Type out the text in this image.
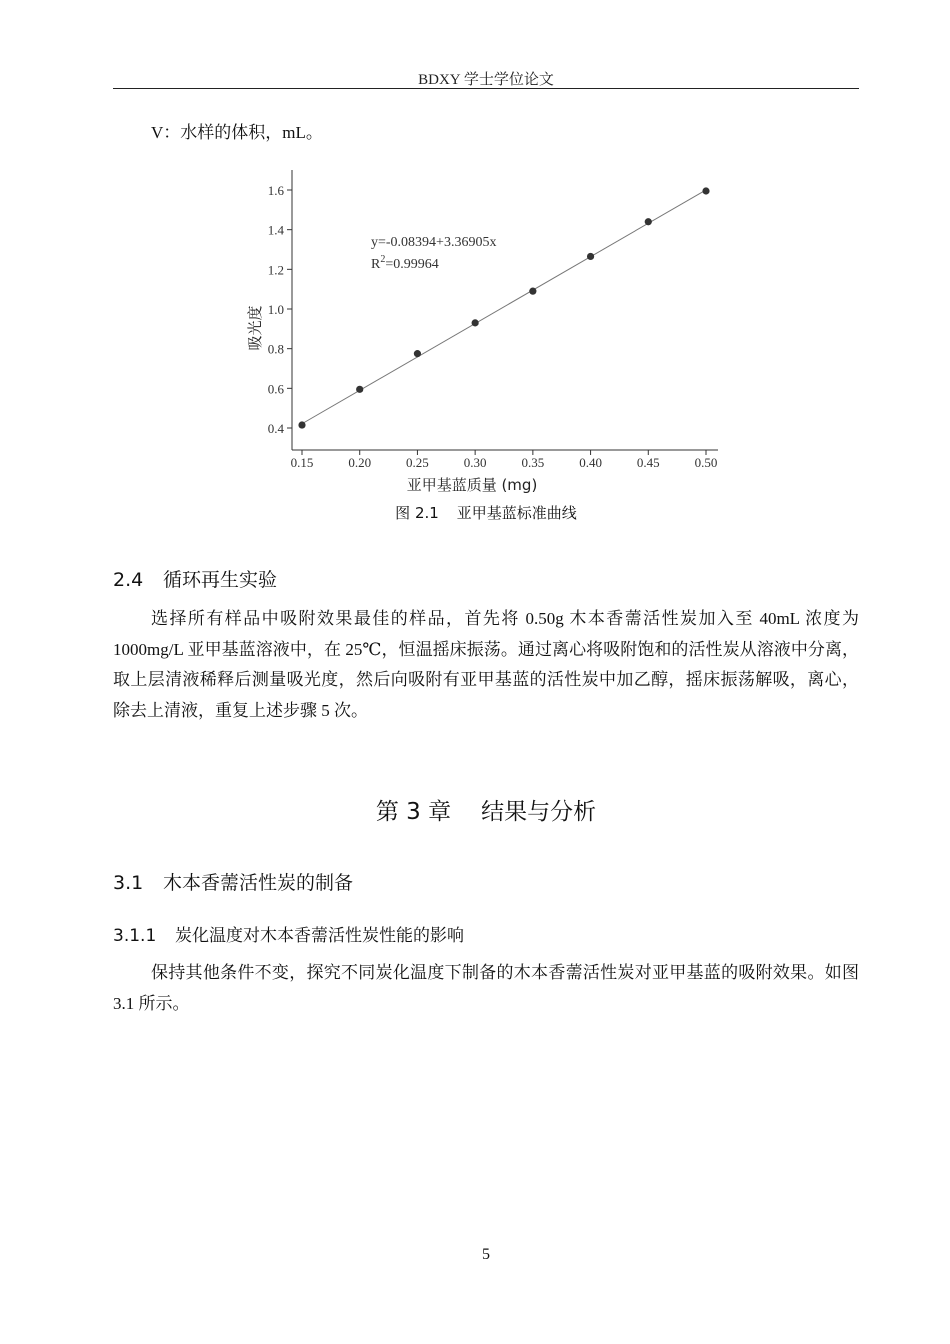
BDXY 学士学位论文
V：水样的体积，mL。
0.4
0.6
0.8
1.0
1.2
1.4
1.6
0.15	0.20	0.25	0.30	0.35	0.40	0.45	0.50
y=-0.08394+3.36905x
$R^2=0.99964$
亚甲基蓝质量 (mg)
吸光度
图 2.1 亚甲基蓝标准曲线
2.4 循环再生实验
选择所有样品中吸附效果最佳的样品，首先将 0.50g 木本香薷活性炭加入至 40mL 浓度为 1000mg/L 亚甲基蓝溶液中，在 25℃，恒温摇床振荡。通过离心将吸附饱和的活性炭从溶液中分离，取上层清液稀释后测量吸光度，然后向吸附有亚甲基蓝的活性炭中加乙醇，摇床振荡解吸，离心，除去上清液，重复上述步骤 5 次。
第 3 章 结果与分析
3.1 木本香薷活性炭的制备
3.1.1 炭化温度对木本香薷活性炭性能的影响
保持其他条件不变，探究不同炭化温度下制备的木本香薷活性炭对亚甲基蓝的吸附效果。如图 3.1 所示。
5
